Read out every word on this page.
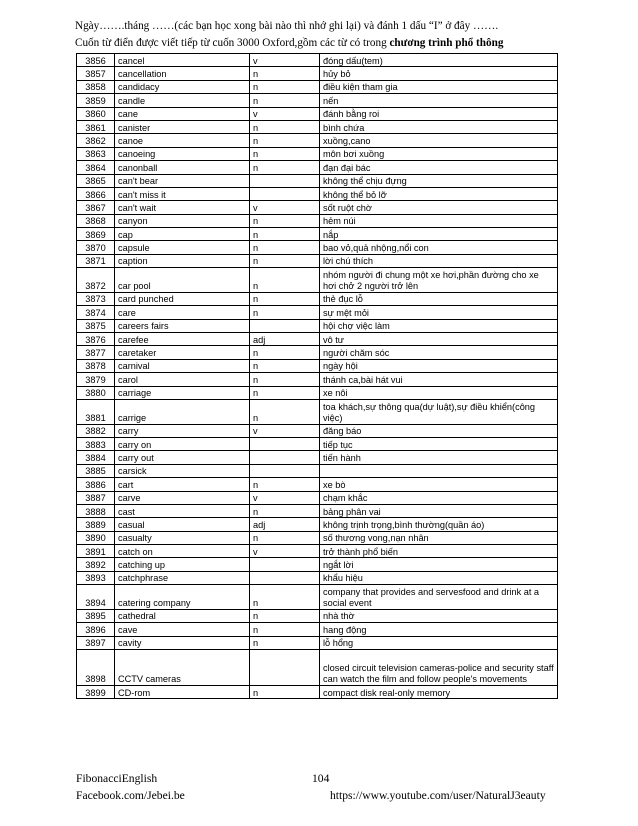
Ngày…….tháng ……(các bạn học xong bài nào thì nhớ ghi lại) và đánh 1 dấu “I” ở đây …….
Cuốn từ điển được viết tiếp từ cuốn 3000 Oxford,gồm các từ có trong chương trình phổ thông
3856	cancel	v	đóng dấu(tem)
3857	cancellation	n	hủy bỏ
3858	candidacy	n	điều kiện tham gia
3859	candle	n	nến
3860	cane	v	đánh bằng roi
3861	canister	n	bình chứa
3862	canoe	n	xuồng,cano
3863	canoeing	n	môn bơi xuồng
3864	canonball	n	đạn đại bác
3865	can't bear		không thể chịu đựng
3866	can't miss it		không thể bỏ lỡ
3867	can't wait	v	sốt ruột chờ
3868	canyon	n	hẻm núi
3869	cap	n	nắp
3870	capsule	n	bao vỏ,quả nhộng,nổi con
3871	caption	n	lời chú thích
3872	car pool	n	nhóm người đi chung một xe hơi,phần đường cho xe hơi chở 2 người trở lên
3873	card punched	n	thẻ đục lỗ
3874	care	n	sự mệt mỏi
3875	careers fairs		hội chợ việc làm
3876	carefee	adj	vô tư
3877	caretaker	n	người chăm sóc
3878	carnival	n	ngày hội
3879	carol	n	thánh ca,bài hát vui
3880	carriage	n	xe nôi
3881	carrige	n	toa khách,sự thông qua(dự luật),sự điều khiển(công việc)
3882	carry	v	đăng báo
3883	carry on		tiếp tục
3884	carry out		tiến hành
3885	carsick		
3886	cart	n	xe bò
3887	carve	v	chạm khắc
3888	cast	n	bảng phân vai
3889	casual	adj	không trịnh trọng,bình thường(quần áo)
3890	casualty	n	số thương vong,nạn nhân
3891	catch on	v	trở thành phổ biến
3892	catching up		ngắt lời
3893	catchphrase		khẩu hiệu
3894	catering company	n	company that provides and servesfood and drink at a social event
3895	cathedral	n	nhà thờ
3896	cave	n	hang động
3897	cavity	n	lỗ hổng
3898	CCTV cameras		closed circuit television cameras-police and security staff can watch the film and follow people's movements
3899	CD-rom	n	compact disk real-only memory
FibonacciEnglish
Facebook.com/Jebei.be
104
https://www.youtube.com/user/NaturalJ3eauty
